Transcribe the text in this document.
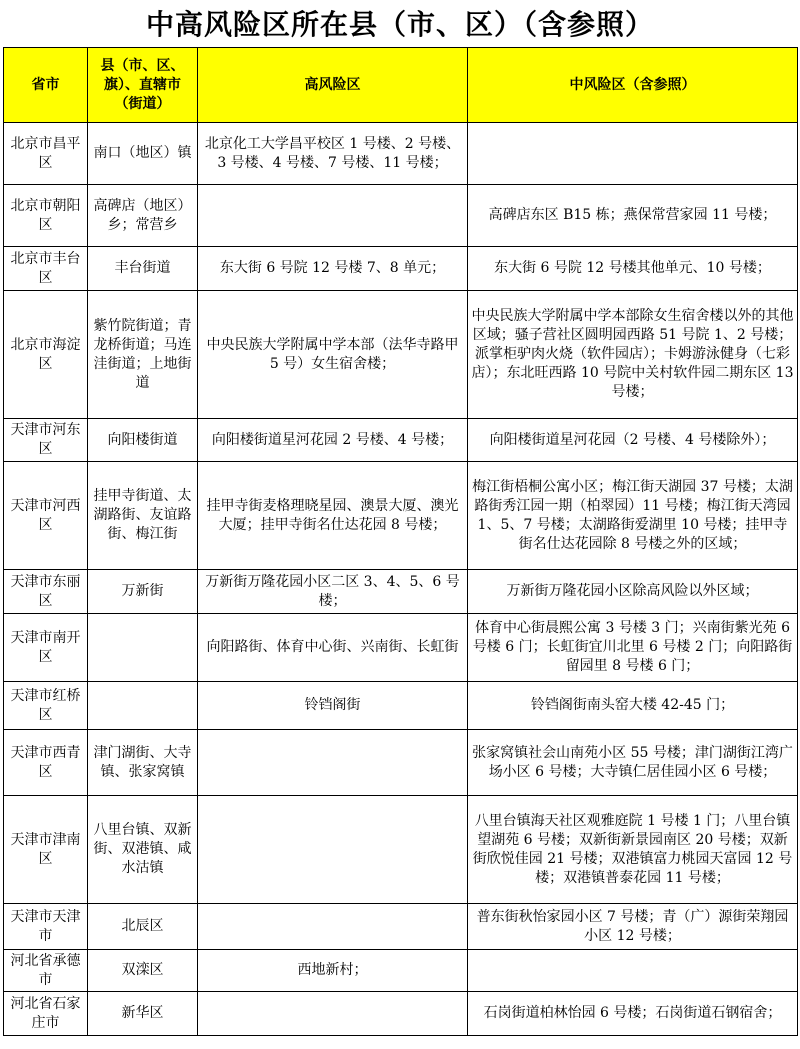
中高风险区所在县（市、区）（含参照）
省市	县（市、区、旗）、直辖市（街道）	高风险区	中风险区（含参照）
北京市昌平区	南口（地区）镇	北京化工大学昌平校区 1 号楼、2 号楼、3 号楼、4 号楼、7 号楼、11 号楼；	
北京市朝阳区	高碑店（地区）乡；常营乡		高碑店东区 B15 栋；燕保常营家园 11 号楼；
北京市丰台区	丰台街道	东大街 6 号院 12 号楼 7、8 单元；	东大街 6 号院 12 号楼其他单元、10 号楼；
北京市海淀区	紫竹院街道；青龙桥街道；马连洼街道；上地街道	中央民族大学附属中学本部（法华寺路甲 5 号）女生宿舍楼；	中央民族大学附属中学本部除女生宿舍楼以外的其他区域；骚子营社区圆明园西路 51 号院 1、2 号楼；派掌柜驴肉火烧（软件园店）；卡姆游泳健身（七彩店）；东北旺西路 10 号院中关村软件园二期东区 13 号楼；
天津市河东区	向阳楼街道	向阳楼街道星河花园 2 号楼、4 号楼；	向阳楼街道星河花园（2 号楼、4 号楼除外）；
天津市河西区	挂甲寺街道、太湖路街、友谊路街、梅江街	挂甲寺街麦格理晓星园、澳景大厦、澳光大厦；挂甲寺街名仕达花园 8 号楼；	梅江街梧桐公寓小区；梅江街天湖园 37 号楼；太湖路街秀江园一期（柏翠园）11 号楼；梅江街天湾园 1、5、7 号楼；太湖路街爱湖里 10 号楼；挂甲寺街名仕达花园除 8 号楼之外的区域；
天津市东丽区	万新街	万新街万隆花园小区二区 3、4、5、6 号楼；	万新街万隆花园小区除高风险以外区域；
天津市南开区		向阳路街、体育中心街、兴南街、长虹街	体育中心街晨熙公寓 3 号楼 3 门；兴南街紫光苑 6 号楼 6 门；长虹街宜川北里 6 号楼 2 门；向阳路街留园里 8 号楼 6 门；
天津市红桥区		铃铛阁街	铃铛阁街南头窑大楼 42-45 门；
天津市西青区	津门湖街、大寺镇、张家窝镇		张家窝镇社会山南苑小区 55 号楼；津门湖街江湾广场小区 6 号楼；大寺镇仁居佳园小区 6 号楼；
天津市津南区	八里台镇、双新街、双港镇、咸水沽镇		八里台镇海天社区观雅庭院 1 号楼 1 门；八里台镇望湖苑 6 号楼；双新街新景园南区 20 号楼；双新街欣悦佳园 21 号楼；双港镇富力桃园天富园 12 号楼；双港镇普泰花园 11 号楼；
天津市天津市	北辰区		普东街秋怡家园小区 7 号楼；青（广）源街荣翔园小区 12 号楼；
河北省承德市	双滦区	西地新村；	
河北省石家庄市	新华区		石岗街道柏林怡园 6 号楼；石岗街道石钢宿舍；
